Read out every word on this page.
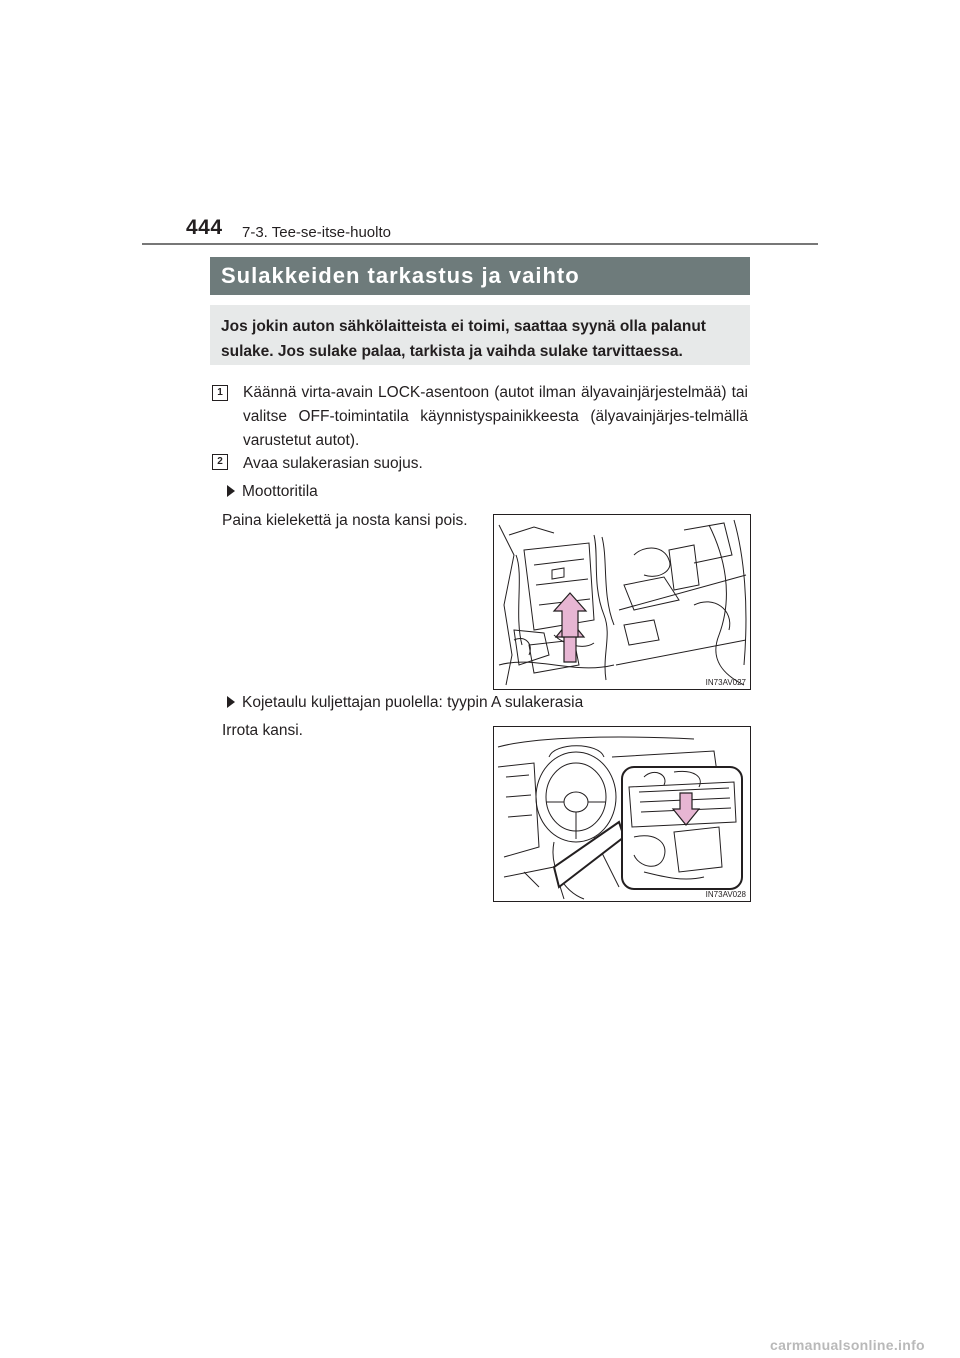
444 7-3. Tee-se-itse-huolto
Sulakkeiden tarkastus ja vaihto
Jos jokin auton sähkölaitteista ei toimi, saattaa syynä olla palanut sulake. Jos sulake palaa, tarkista ja vaihda sulake tarvittaessa.
1	Käännä virta-avain LOCK-asentoon (autot ilman älyavainjärjestelmää) tai valitse OFF-toimintatila käynnistyspainikkeesta (älyavainjärjes-telmällä varustetut autot).
2	Avaa sulakerasian suojus.
Moottoritila
Paina kielekettä ja nosta kansi pois.
IN73AV027
Kojetaulu kuljettajan puolella: tyypin A sulakerasia
Irrota kansi.
IN73AV028
carmanualsonline.info
